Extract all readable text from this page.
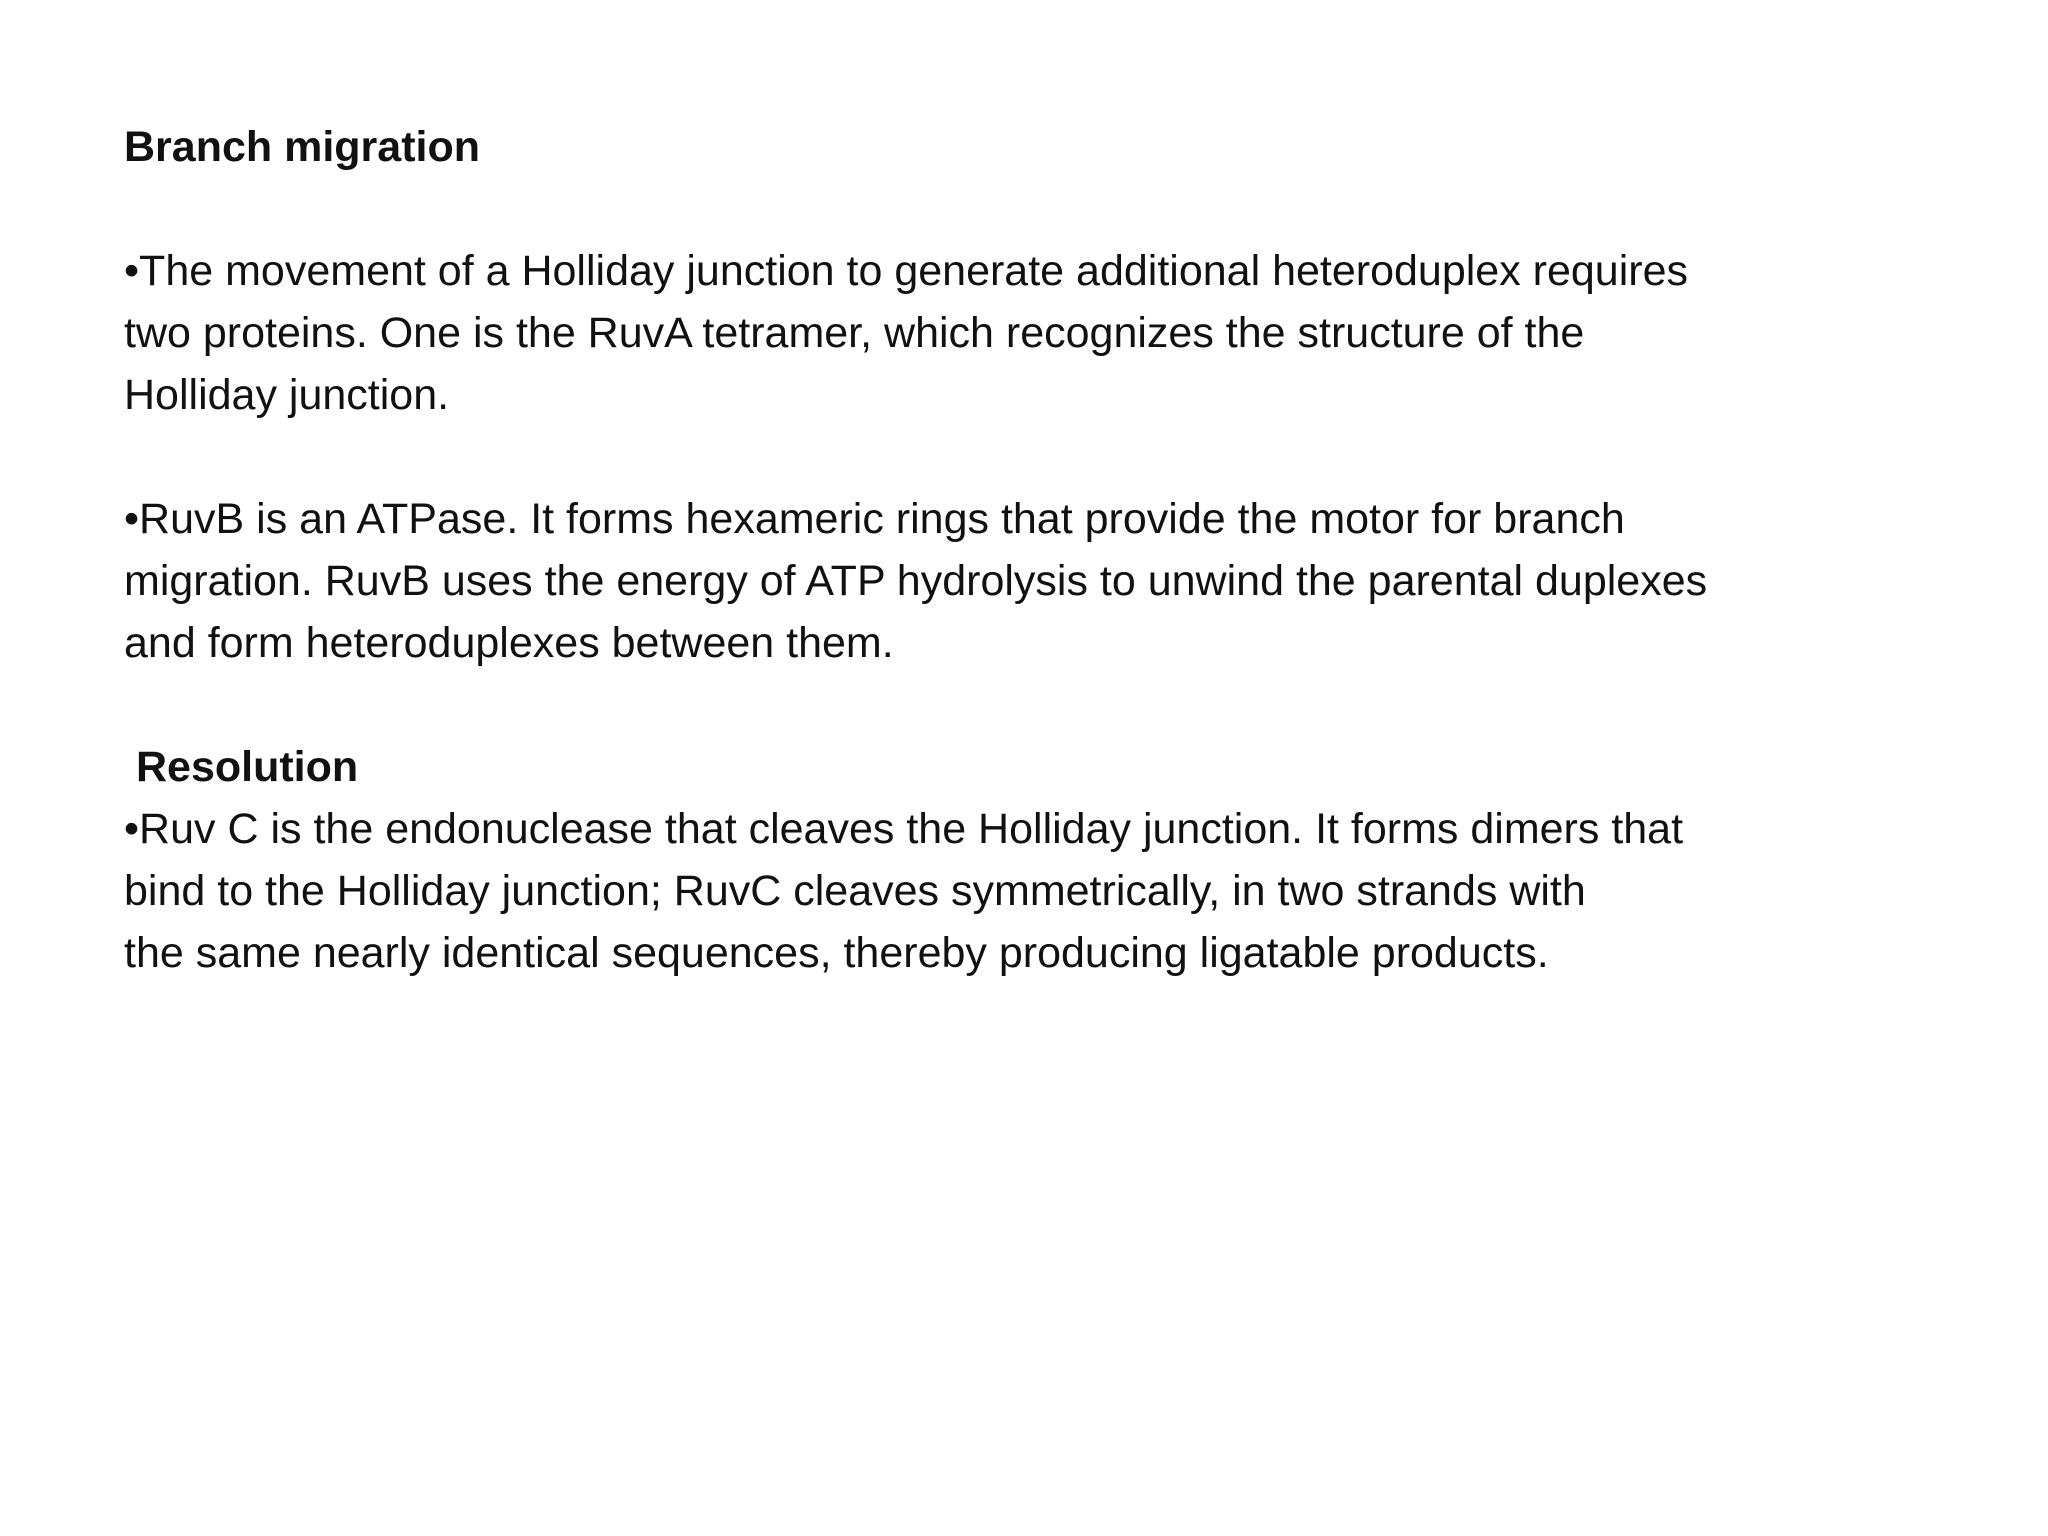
Branch migration

•The movement of a Holliday junction to generate additional heteroduplex requires
two proteins. One is the RuvA tetramer, which recognizes the structure of the
Holliday junction.

•RuvB is an ATPase. It forms hexameric rings that provide the motor for branch
migration. RuvB uses the energy of ATP hydrolysis to unwind the parental duplexes
and form heteroduplexes between them.

Resolution

•Ruv C is the endonuclease that cleaves the Holliday junction. It forms dimers that
bind to the Holliday junction; RuvC cleaves symmetrically, in two strands with
the same nearly identical sequences, thereby producing ligatable products.
